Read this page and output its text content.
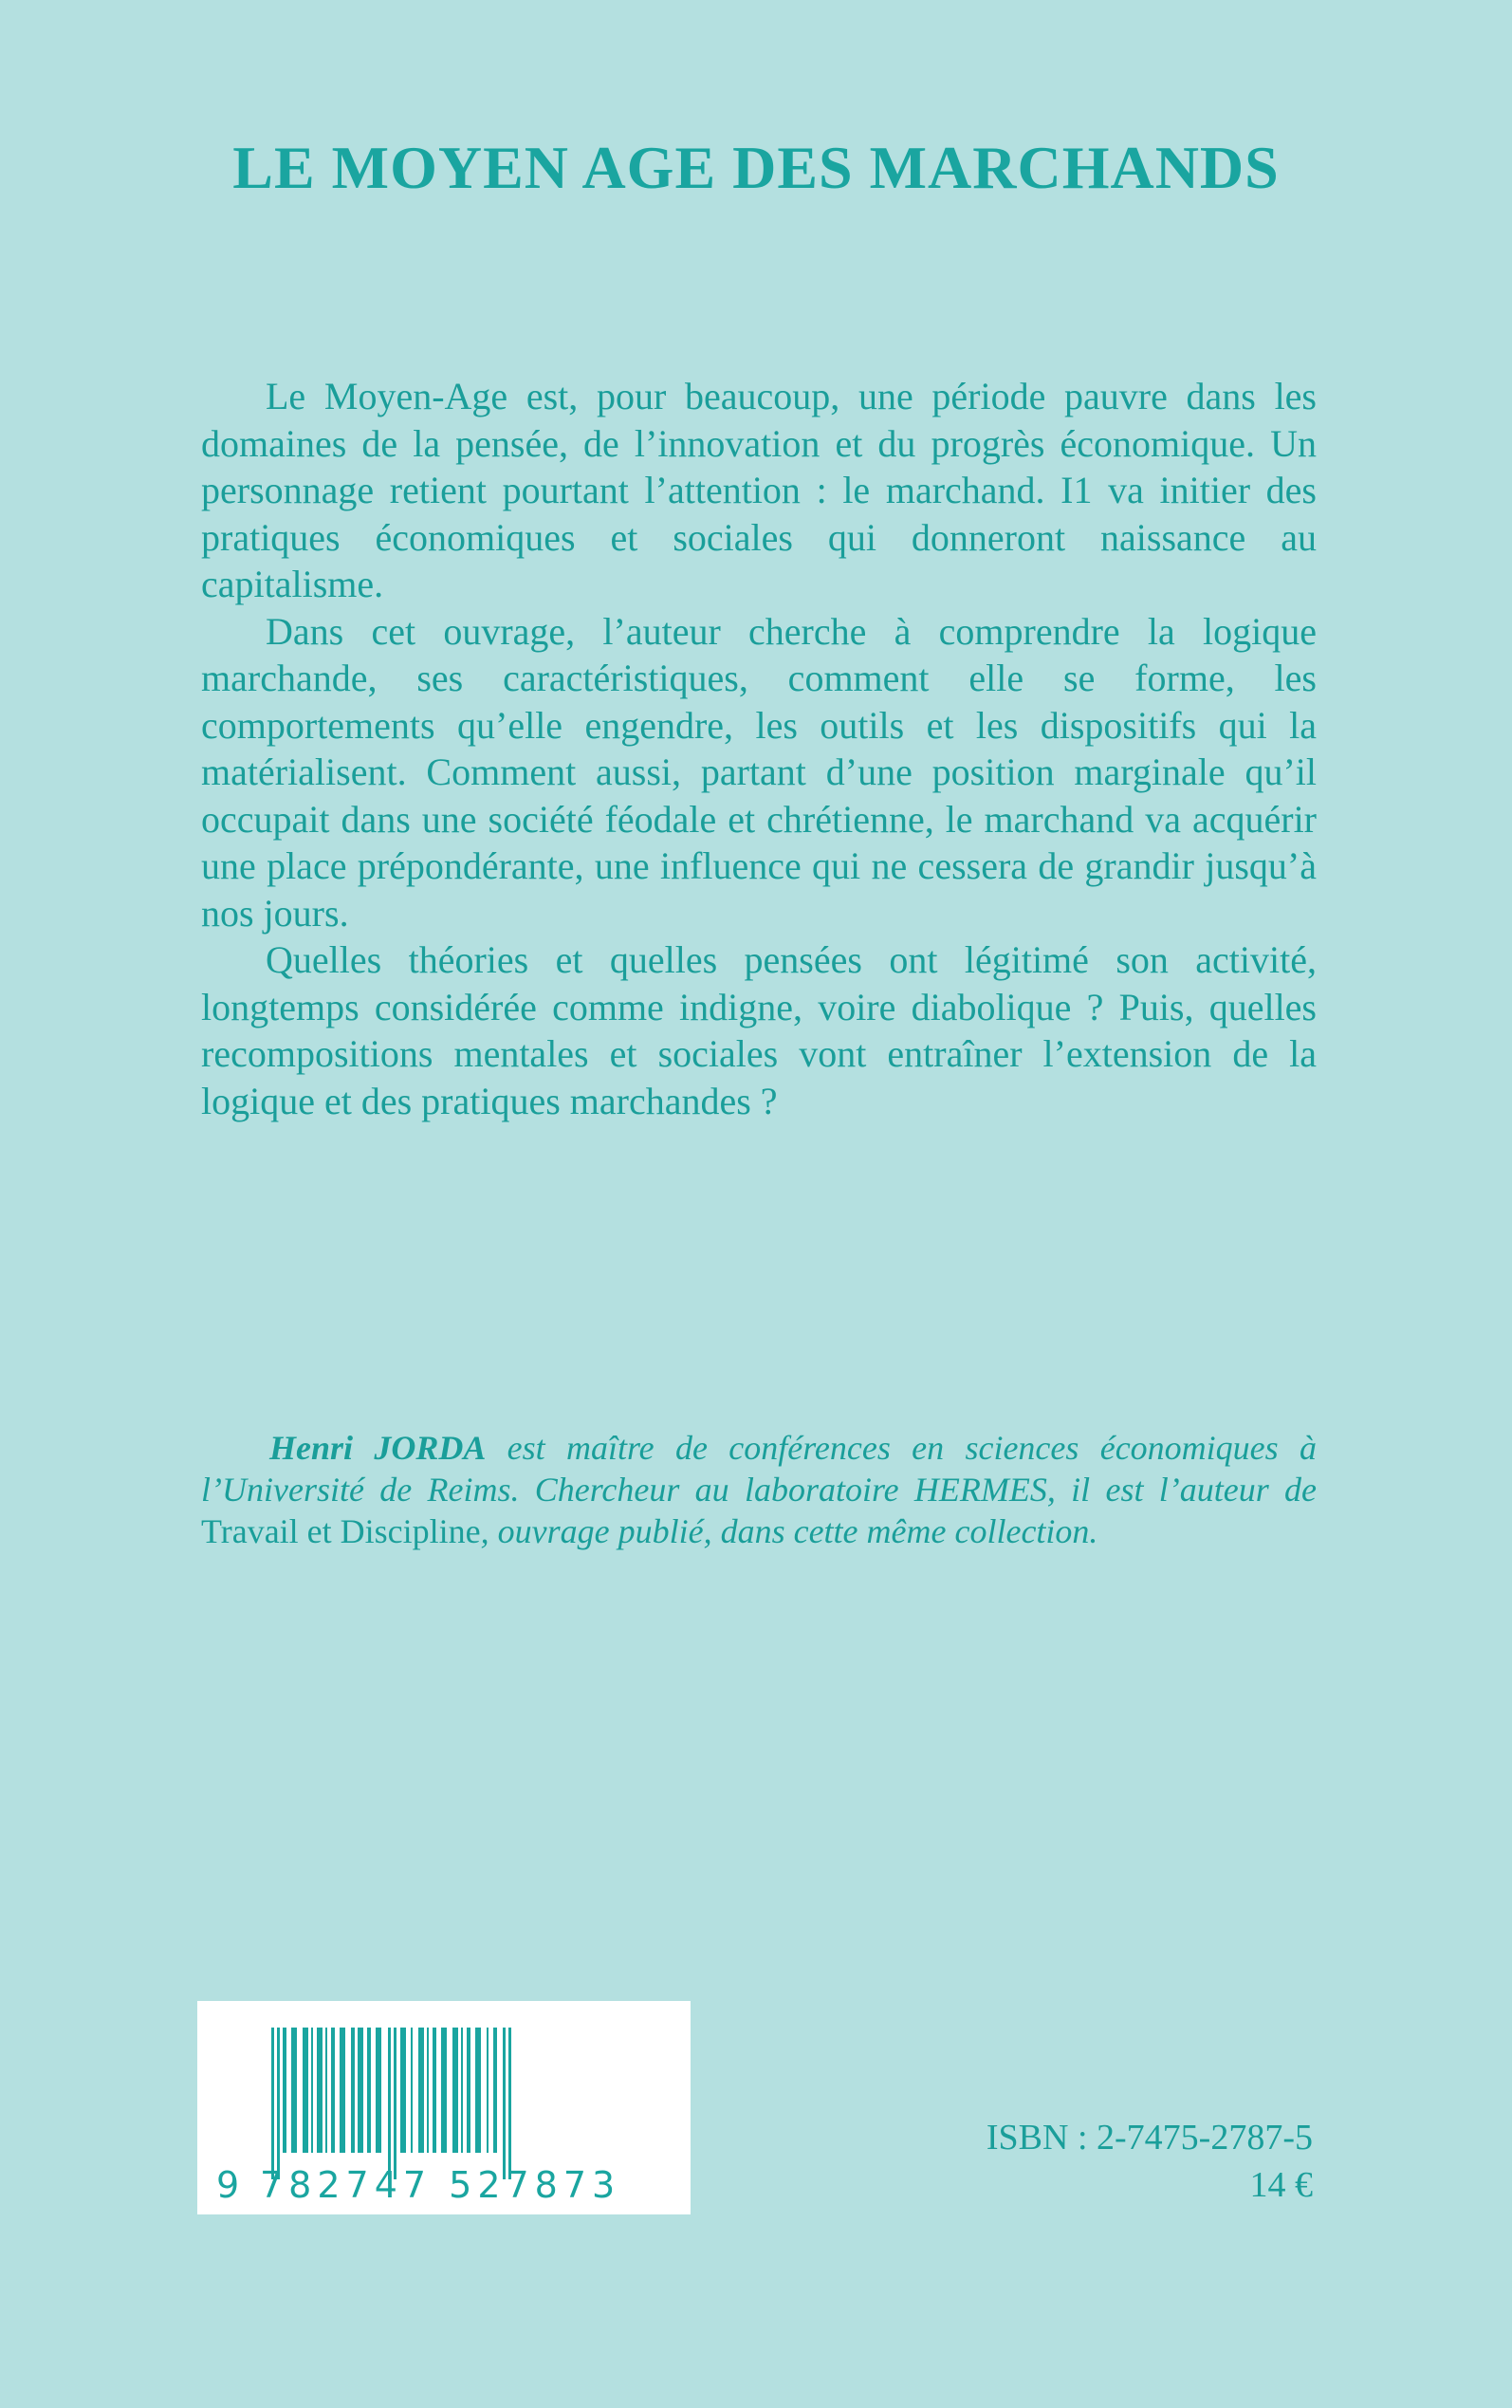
LE MOYEN AGE DES MARCHANDS

Le Moyen-Age est, pour beaucoup, une période pauvre dans les domaines de la pensée, de l’innovation et du progrès économique. Un personnage retient pourtant l’attention : le marchand. I1 va initier des pratiques économiques et sociales qui donneront naissance au capitalisme.

Dans cet ouvrage, l’auteur cherche à comprendre la logique marchande, ses caractéristiques, comment elle se forme, les comportements qu’elle engendre, les outils et les dispositifs qui la matérialisent. Comment aussi, partant d’une position marginale qu’il occupait dans une société féodale et chrétienne, le marchand va acquérir une place prépondérante, une influence qui ne cessera de grandir jusqu’à nos jours.

Quelles théories et quelles pensées ont légitimé son activité, longtemps considérée comme indigne, voire diabolique ? Puis, quelles recompositions mentales et sociales vont entraîner l’extension de la logique et des pratiques marchandes ?

Henri JORDA est maître de conférences en sciences économiques à l’Université de Reims. Chercheur au laboratoire HERMES, il est l’auteur de Travail et Discipline, ouvrage publié, dans cette même collection.
9 782747 527873
ISBN : 2-7475-2787-5
14 €
